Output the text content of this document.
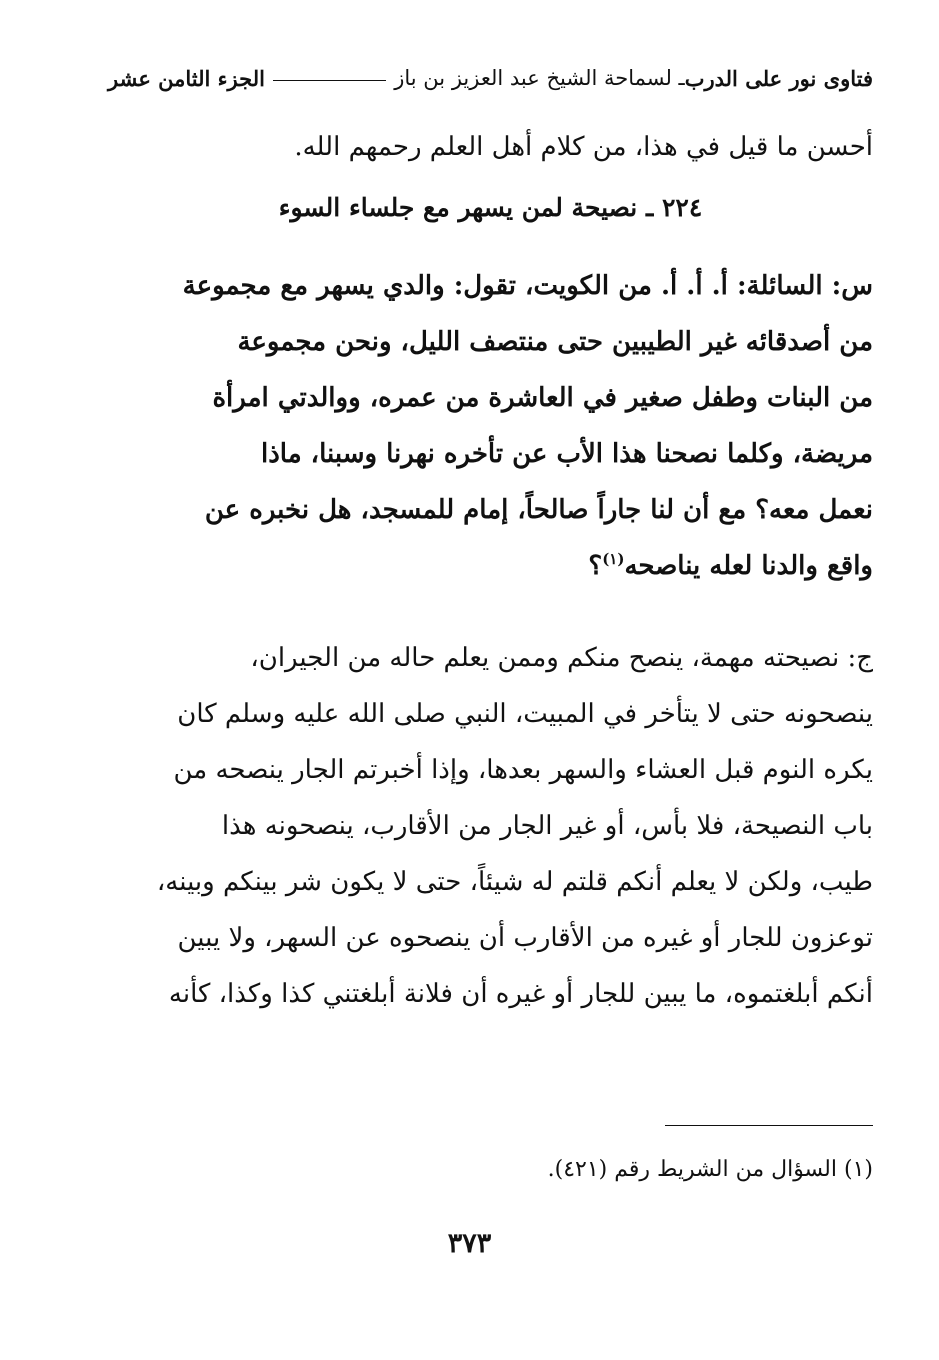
فتاوى نور على الدرب
ـ لسماحة الشيخ عبد العزيز بن باز
الجزء الثامن عشر
أحسن ما قيل في هذا، من كلام أهل العلم رحمهم الله.
٢٢٤ ـ نصيحة لمن يسهر مع جلساء السوء
س: السائلة: أ. أ. أ. من الكويت، تقول: والدي يسهر مع مجموعة
من أصدقائه غير الطيبين حتى منتصف الليل، ونحن مجموعة
من البنات وطفل صغير في العاشرة من عمره، ووالدتي امرأة
مريضة، وكلما نصحنا هذا الأب عن تأخره نهرنا وسبنا، ماذا
نعمل معه؟ مع أن لنا جاراً صالحاً، إمام للمسجد، هل نخبره عن
واقع والدنا لعله يناصحه$^{(١)}$؟
ج: نصيحته مهمة، ينصح منكم وممن يعلم حاله من الجيران،
ينصحونه حتى لا يتأخر في المبيت، النبي صلى الله عليه وسلم كان
يكره النوم قبل العشاء والسهر بعدها، وإذا أخبرتم الجار ينصحه من
باب النصيحة، فلا بأس، أو غير الجار من الأقارب، ينصحونه هذا
طيب، ولكن لا يعلم أنكم قلتم له شيئاً، حتى لا يكون شر بينكم وبينه،
توعزون للجار أو غيره من الأقارب أن ينصحوه عن السهر، ولا يبين
أنكم أبلغتموه، ما يبين للجار أو غيره أن فلانة أبلغتني كذا وكذا، كأنه
(١) السؤال من الشريط رقم (٤٢١).
٣٧٣
